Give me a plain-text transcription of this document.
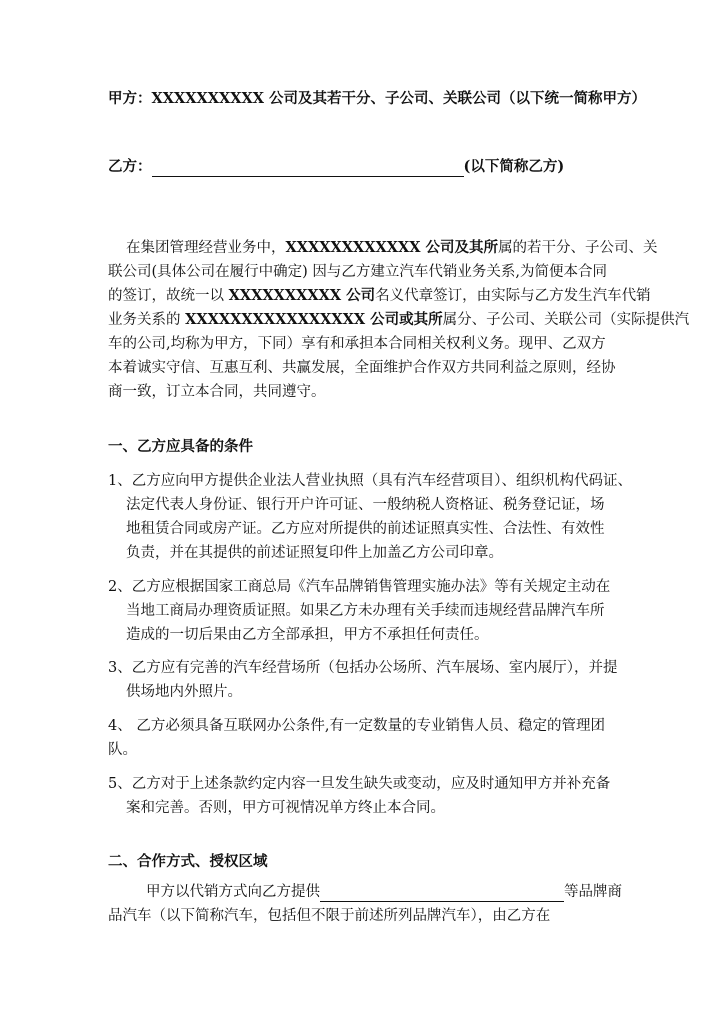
甲方：XXXXXXXXXX 公司及其若干分、子公司、关联公司（以下统一简称甲方）
乙方：	(以下简称乙方)
在集团管理经营业务中，XXXXXXXXXXXX 公司及其所属的若干分、子公司、关
联公司(具体公司在履行中确定) 因与乙方建立汽车代销业务关系,为简便本合同
的签订，故统一以 XXXXXXXXXX 公司名义代章签订，由实际与乙方发生汽车代销
业务关系的 XXXXXXXXXXXXXXXX 公司或其所属分、子公司、关联公司（实际提供汽
车的公司,均称为甲方，下同）享有和承担本合同相关权利义务。现甲、乙双方
本着诚实守信、互惠互利、共赢发展，全面维护合作双方共同利益之原则，经协
商一致，订立本合同，共同遵守。
一、乙方应具备的条件
1、乙方应向甲方提供企业法人营业执照（具有汽车经营项目）、组织机构代码证、
法定代表人身份证、银行开户许可证、一般纳税人资格证、税务登记证，场
地租赁合同或房产证。乙方应对所提供的前述证照真实性、合法性、有效性
负责，并在其提供的前述证照复印件上加盖乙方公司印章。
2、乙方应根据国家工商总局《汽车品牌销售管理实施办法》等有关规定主动在
当地工商局办理资质证照。如果乙方未办理有关手续而违规经营品牌汽车所
造成的一切后果由乙方全部承担，甲方不承担任何责任。
3、乙方应有完善的汽车经营场所（包括办公场所、汽车展场、室内展厅），并提
供场地内外照片。
4、 乙方必须具备互联网办公条件,有一定数量的专业销售人员、稳定的管理团
队。
5、乙方对于上述条款约定内容一旦发生缺失或变动，应及时通知甲方并补充备
案和完善。否则，甲方可视情况单方终止本合同。
二、合作方式、授权区域
甲方以代销方式向乙方提供	等品牌商
品汽车（以下简称汽车，包括但不限于前述所列品牌汽车），由乙方在
